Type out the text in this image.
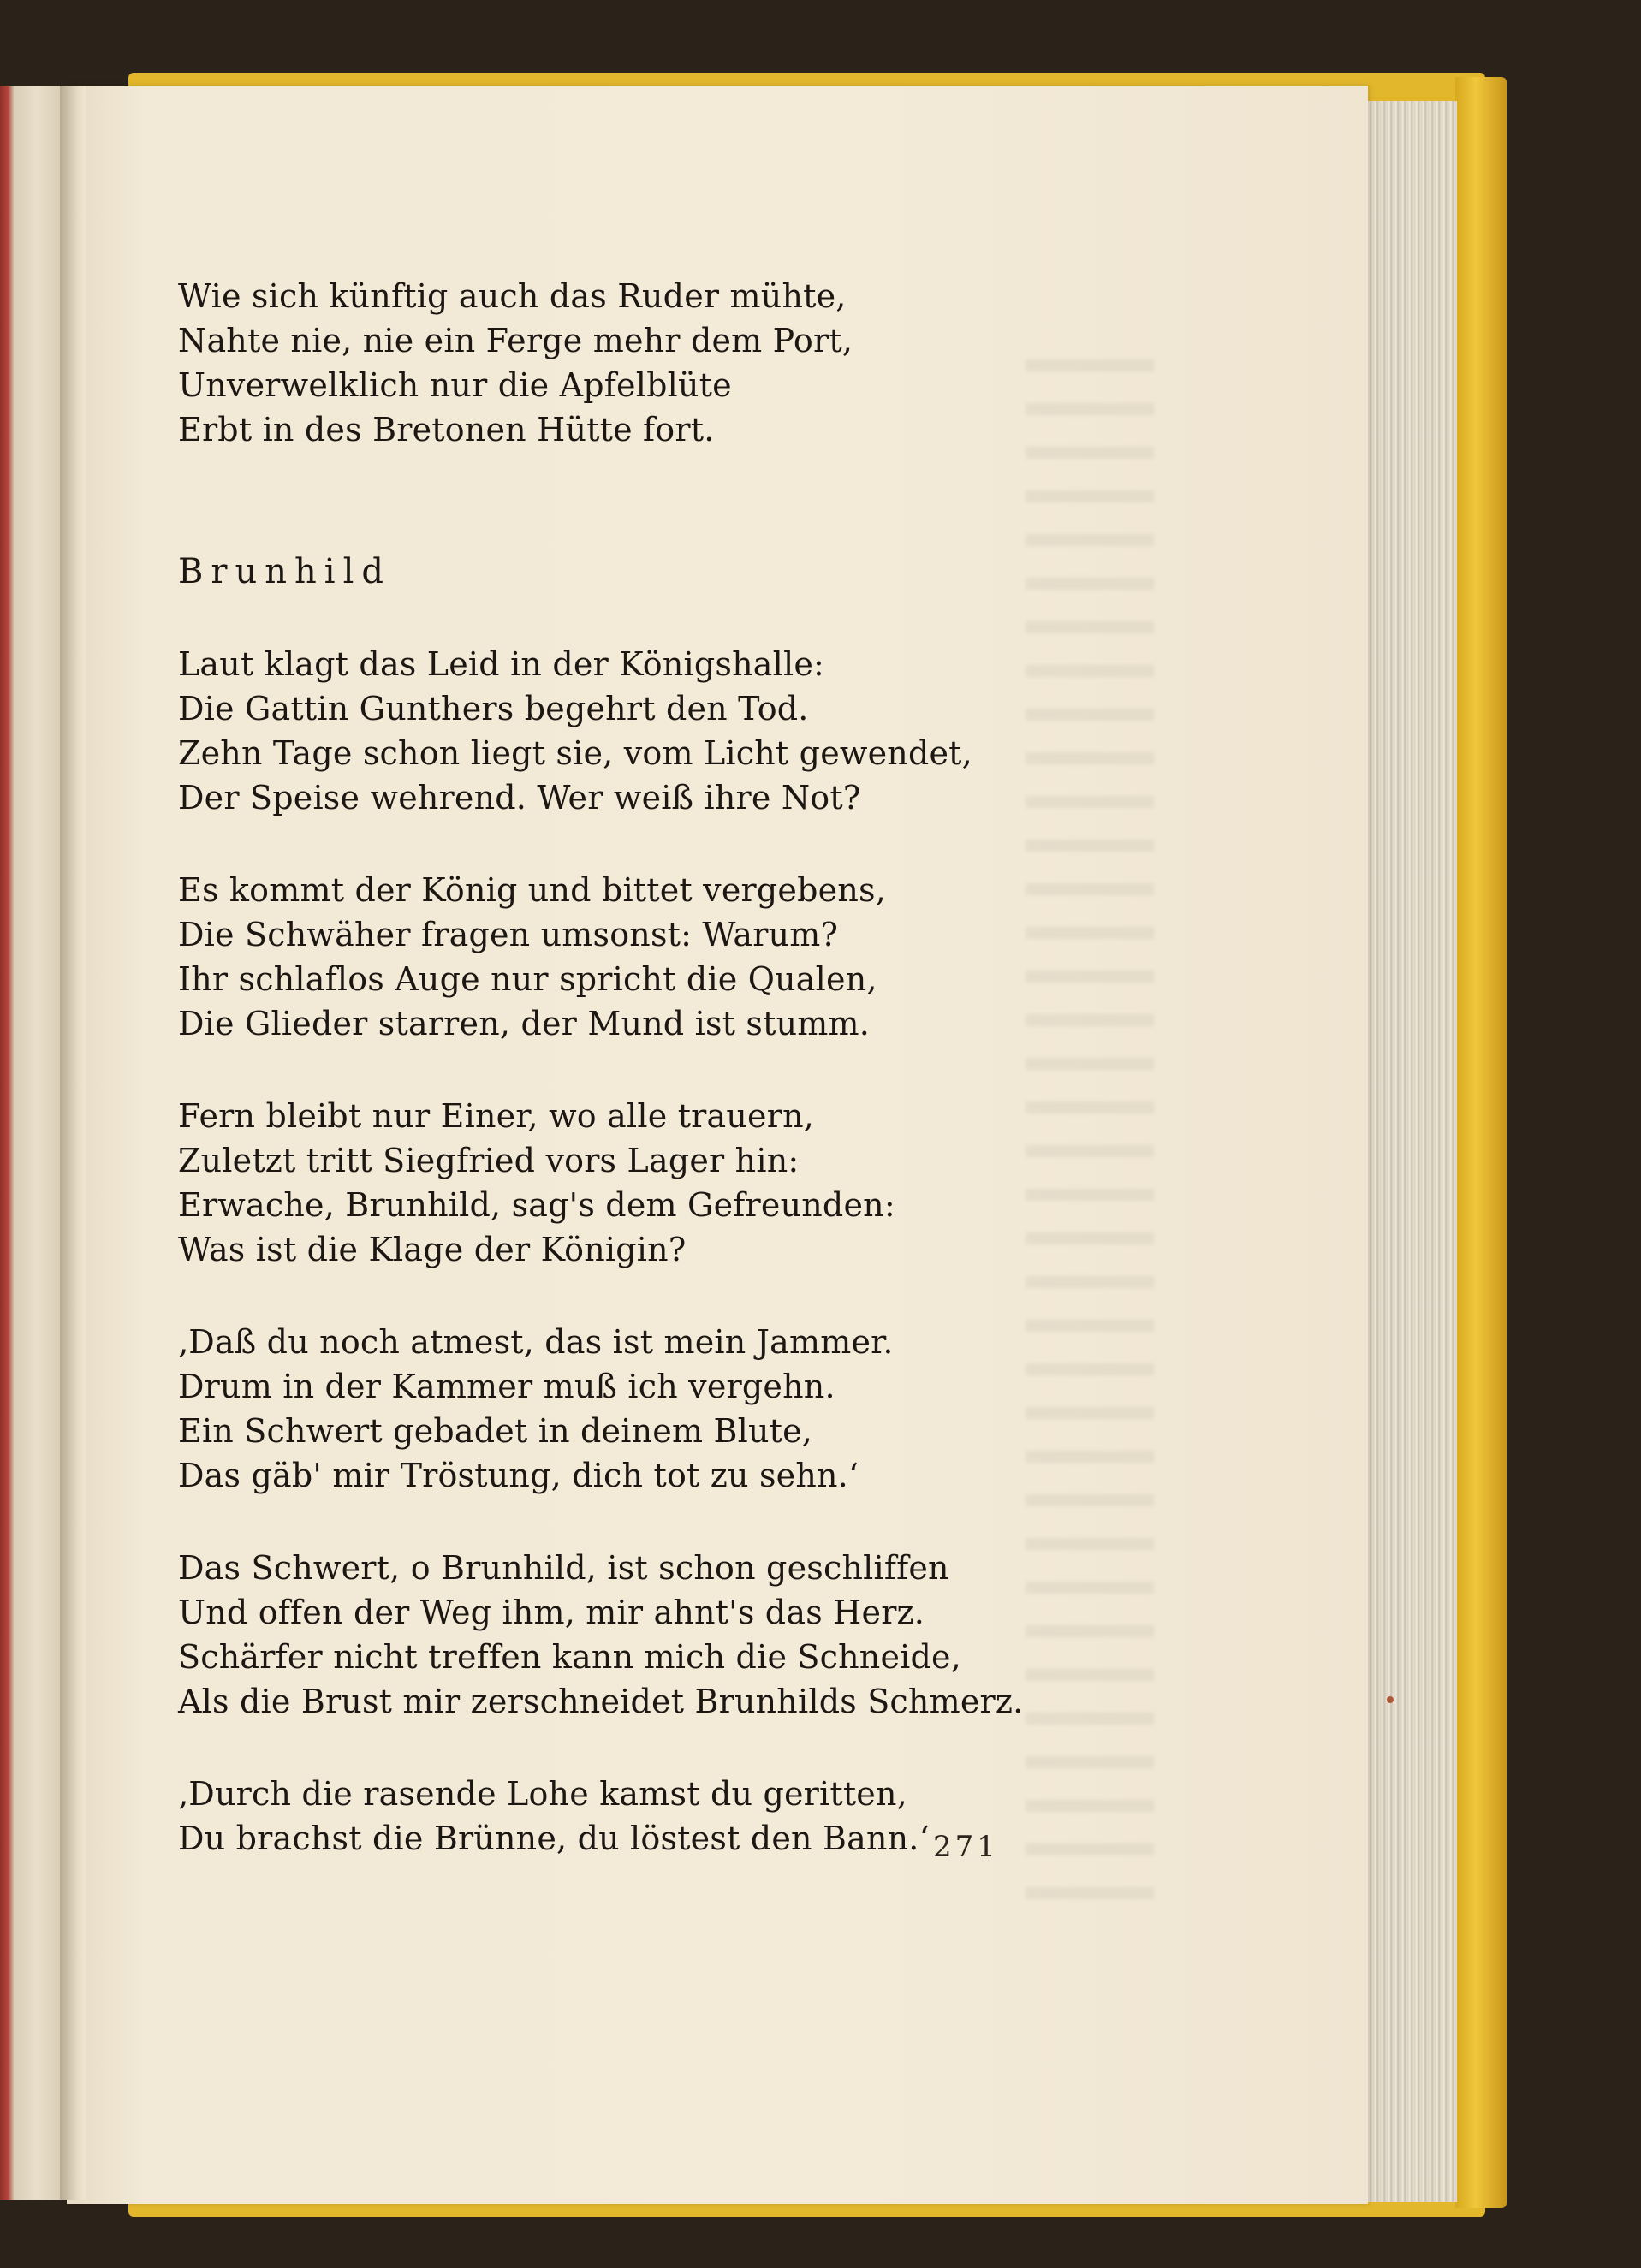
Wie sich künftig auch das Ruder mühte,
Nahte nie, nie ein Ferge mehr dem Port,
Unverwelklich nur die Apfelblüte
Erbt in des Bretonen Hütte fort.
Brunhild
Laut klagt das Leid in der Königshalle:
Die Gattin Gunthers begehrt den Tod.
Zehn Tage schon liegt sie, vom Licht gewendet,
Der Speise wehrend. Wer weiß ihre Not?
Es kommt der König und bittet vergebens,
Die Schwäher fragen umsonst: Warum?
Ihr schlaflos Auge nur spricht die Qualen,
Die Glieder starren, der Mund ist stumm.
Fern bleibt nur Einer, wo alle trauern,
Zuletzt tritt Siegfried vors Lager hin:
Erwache, Brunhild, sag's dem Gefreunden:
Was ist die Klage der Königin?
‚Daß du noch atmest, das ist mein Jammer.
Drum in der Kammer muß ich vergehn.
Ein Schwert gebadet in deinem Blute,
Das gäb' mir Tröstung, dich tot zu sehn.‘
Das Schwert, o Brunhild, ist schon geschliffen
Und offen der Weg ihm, mir ahnt's das Herz.
Schärfer nicht treffen kann mich die Schneide,
Als die Brust mir zerschneidet Brunhilds Schmerz.
‚Durch die rasende Lohe kamst du geritten,
Du brachst die Brünne, du löstest den Bann.‘ 271
